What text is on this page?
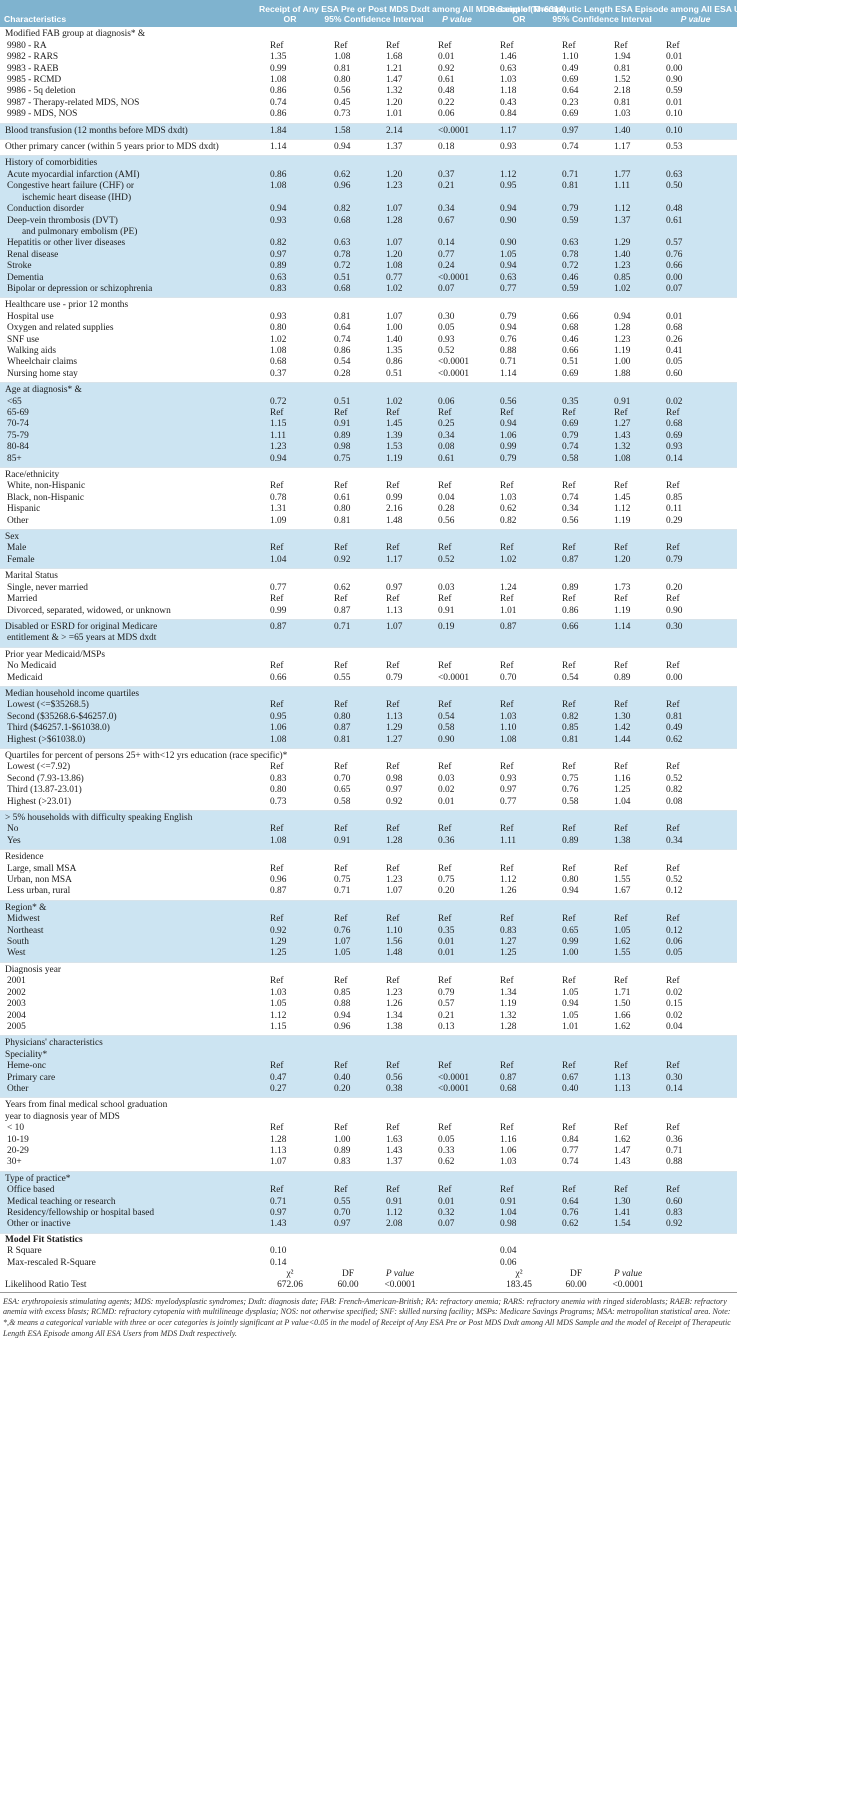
	Receipt of Any ESA Pre or Post MDS Dxdt among All MDS Sample (N=6314)				Receipt of Therapeutic Length ESA Episode among All ESA Users from MDS Dxdt (N=4007)			
Characteristics	OR	95% Confidence Interval		P value	OR	95% Confidence Interval		P value
Modified FAB group at diagnosis* &								
9980 - RA	Ref	Ref	Ref	Ref	Ref	Ref	Ref	Ref
9982 - RARS	1.35	1.08	1.68	0.01	1.46	1.10	1.94	0.01
9983 - RAEB	0.99	0.81	1.21	0.92	0.63	0.49	0.81	0.00
9985 - RCMD	1.08	0.80	1.47	0.61	1.03	0.69	1.52	0.90
9986 - 5q deletion	0.86	0.56	1.32	0.48	1.18	0.64	2.18	0.59
9987 - Therapy-related MDS, NOS	0.74	0.45	1.20	0.22	0.43	0.23	0.81	0.01
9989 - MDS, NOS	0.86	0.73	1.01	0.06	0.84	0.69	1.03	0.10
Blood transfusion (12 months before MDS dxdt)	1.84	1.58	2.14	<0.0001	1.17	0.97	1.40	0.10
Other primary cancer (within 5 years prior to MDS dxdt)	1.14	0.94	1.37	0.18	0.93	0.74	1.17	0.53
History of comorbidities								
Acute myocardial infarction (AMI)	0.86	0.62	1.20	0.37	1.12	0.71	1.77	0.63
Congestive heart failure (CHF) or	1.08	0.96	1.23	0.21	0.95	0.81	1.11	0.50
ischemic heart disease (IHD)								
Conduction disorder	0.94	0.82	1.07	0.34	0.94	0.79	1.12	0.48
Deep-vein thrombosis (DVT)	0.93	0.68	1.28	0.67	0.90	0.59	1.37	0.61
and pulmonary embolism (PE)								
Hepatitis or other liver diseases	0.82	0.63	1.07	0.14	0.90	0.63	1.29	0.57
Renal disease	0.97	0.78	1.20	0.77	1.05	0.78	1.40	0.76
Stroke	0.89	0.72	1.08	0.24	0.94	0.72	1.23	0.66
Dementia	0.63	0.51	0.77	<0.0001	0.63	0.46	0.85	0.00
Bipolar or depression or schizophrenia	0.83	0.68	1.02	0.07	0.77	0.59	1.02	0.07
Healthcare use - prior 12 months								
Hospital use	0.93	0.81	1.07	0.30	0.79	0.66	0.94	0.01
Oxygen and related supplies	0.80	0.64	1.00	0.05	0.94	0.68	1.28	0.68
SNF use	1.02	0.74	1.40	0.93	0.76	0.46	1.23	0.26
Walking aids	1.08	0.86	1.35	0.52	0.88	0.66	1.19	0.41
Wheelchair claims	0.68	0.54	0.86	<0.0001	0.71	0.51	1.00	0.05
Nursing home stay	0.37	0.28	0.51	<0.0001	1.14	0.69	1.88	0.60
Age at diagnosis* &								
<65	0.72	0.51	1.02	0.06	0.56	0.35	0.91	0.02
65-69	Ref	Ref	Ref	Ref	Ref	Ref	Ref	Ref
70-74	1.15	0.91	1.45	0.25	0.94	0.69	1.27	0.68
75-79	1.11	0.89	1.39	0.34	1.06	0.79	1.43	0.69
80-84	1.23	0.98	1.53	0.08	0.99	0.74	1.32	0.93
85+	0.94	0.75	1.19	0.61	0.79	0.58	1.08	0.14
Race/ethnicity								
White, non-Hispanic	Ref	Ref	Ref	Ref	Ref	Ref	Ref	Ref
Black, non-Hispanic	0.78	0.61	0.99	0.04	1.03	0.74	1.45	0.85
Hispanic	1.31	0.80	2.16	0.28	0.62	0.34	1.12	0.11
Other	1.09	0.81	1.48	0.56	0.82	0.56	1.19	0.29
Sex								
Male	Ref	Ref	Ref	Ref	Ref	Ref	Ref	Ref
Female	1.04	0.92	1.17	0.52	1.02	0.87	1.20	0.79
Marital Status								
Single, never married	0.77	0.62	0.97	0.03	1.24	0.89	1.73	0.20
Married	Ref	Ref	Ref	Ref	Ref	Ref	Ref	Ref
Divorced, separated, widowed, or unknown	0.99	0.87	1.13	0.91	1.01	0.86	1.19	0.90
Disabled or ESRD for original Medicare	0.87	0.71	1.07	0.19	0.87	0.66	1.14	0.30
entitlement & > =65 years at MDS dxdt								
Prior year Medicaid/MSPs								
No Medicaid	Ref	Ref	Ref	Ref	Ref	Ref	Ref	Ref
Medicaid	0.66	0.55	0.79	<0.0001	0.70	0.54	0.89	0.00
Median household income quartiles								
Lowest (<=$35268.5)	Ref	Ref	Ref	Ref	Ref	Ref	Ref	Ref
Second ($35268.6-$46257.0)	0.95	0.80	1.13	0.54	1.03	0.82	1.30	0.81
Third ($46257.1-$61038.0)	1.06	0.87	1.29	0.58	1.10	0.85	1.42	0.49
Highest (>$61038.0)	1.08	0.81	1.27	0.90	1.08	0.81	1.44	0.62
Quartiles for percent of persons 25+ with<12 yrs education (race specific)*								
Lowest (<=7.92)	Ref	Ref	Ref	Ref	Ref	Ref	Ref	Ref
Second (7.93-13.86)	0.83	0.70	0.98	0.03	0.93	0.75	1.16	0.52
Third (13.87-23.01)	0.80	0.65	0.97	0.02	0.97	0.76	1.25	0.82
Highest (>23.01)	0.73	0.58	0.92	0.01	0.77	0.58	1.04	0.08
> 5% households with difficulty speaking English								
No	Ref	Ref	Ref	Ref	Ref	Ref	Ref	Ref
Yes	1.08	0.91	1.28	0.36	1.11	0.89	1.38	0.34
Residence								
Large, small MSA	Ref	Ref	Ref	Ref	Ref	Ref	Ref	Ref
Urban, non MSA	0.96	0.75	1.23	0.75	1.12	0.80	1.55	0.52
Less urban, rural	0.87	0.71	1.07	0.20	1.26	0.94	1.67	0.12
Region* &								
Midwest	Ref	Ref	Ref	Ref	Ref	Ref	Ref	Ref
Northeast	0.92	0.76	1.10	0.35	0.83	0.65	1.05	0.12
South	1.29	1.07	1.56	0.01	1.27	0.99	1.62	0.06
West	1.25	1.05	1.48	0.01	1.25	1.00	1.55	0.05
Diagnosis year								
2001	Ref	Ref	Ref	Ref	Ref	Ref	Ref	Ref
2002	1.03	0.85	1.23	0.79	1.34	1.05	1.71	0.02
2003	1.05	0.88	1.26	0.57	1.19	0.94	1.50	0.15
2004	1.12	0.94	1.34	0.21	1.32	1.05	1.66	0.02
2005	1.15	0.96	1.38	0.13	1.28	1.01	1.62	0.04
Physicians' characteristics								
Speciality*								
Heme-onc	Ref	Ref	Ref	Ref	Ref	Ref	Ref	Ref
Primary care	0.47	0.40	0.56	<0.0001	0.87	0.67	1.13	0.30
Other	0.27	0.20	0.38	<0.0001	0.68	0.40	1.13	0.14
Years from final medical school graduation								
year to diagnosis year of MDS								
< 10	Ref	Ref	Ref	Ref	Ref	Ref	Ref	Ref
10-19	1.28	1.00	1.63	0.05	1.16	0.84	1.62	0.36
20-29	1.13	0.89	1.43	0.33	1.06	0.77	1.47	0.71
30+	1.07	0.83	1.37	0.62	1.03	0.74	1.43	0.88
Type of practice*								
Office based	Ref	Ref	Ref	Ref	Ref	Ref	Ref	Ref
Medical teaching or research	0.71	0.55	0.91	0.01	0.91	0.64	1.30	0.60
Residency/fellowship or hospital based	0.97	0.70	1.12	0.32	1.04	0.76	1.41	0.83
Other or inactive	1.43	0.97	2.08	0.07	0.98	0.62	1.54	0.92
Model Fit Statistics								
R Square	0.10				0.04			
Max-rescaled R-Square	0.14				0.06			
	χ²	DF	P value		χ²	DF	P value	
Likelihood Ratio Test	672.06	60.00	<0.0001		183.45	60.00	<0.0001	
ESA: erythropoiesis stimulating agents; MDS: myelodysplastic syndromes; Dxdt: diagnosis date; FAB: French-American-British; RA: refractory anemia; RARS: refractory anemia with ringed sideroblasts; RAEB: refractory anemia with excess blasts; RCMD: refractory cytopenia with multilineage dysplasia; NOS: not otherwise specified; SNF: skilled nursing facility; MSPs: Medicare Savings Programs; MSA: metropolitan statistical area. Note: *,& means a categorical variable with three or ocer categories is jointly significant at P value<0.05 in the model of Receipt of Any ESA Pre or Post MDS Dxdt among All MDS Sample and the model of Receipt of Therapeutic Length ESA Episode among All ESA Users from MDS Dxdt respectively.
